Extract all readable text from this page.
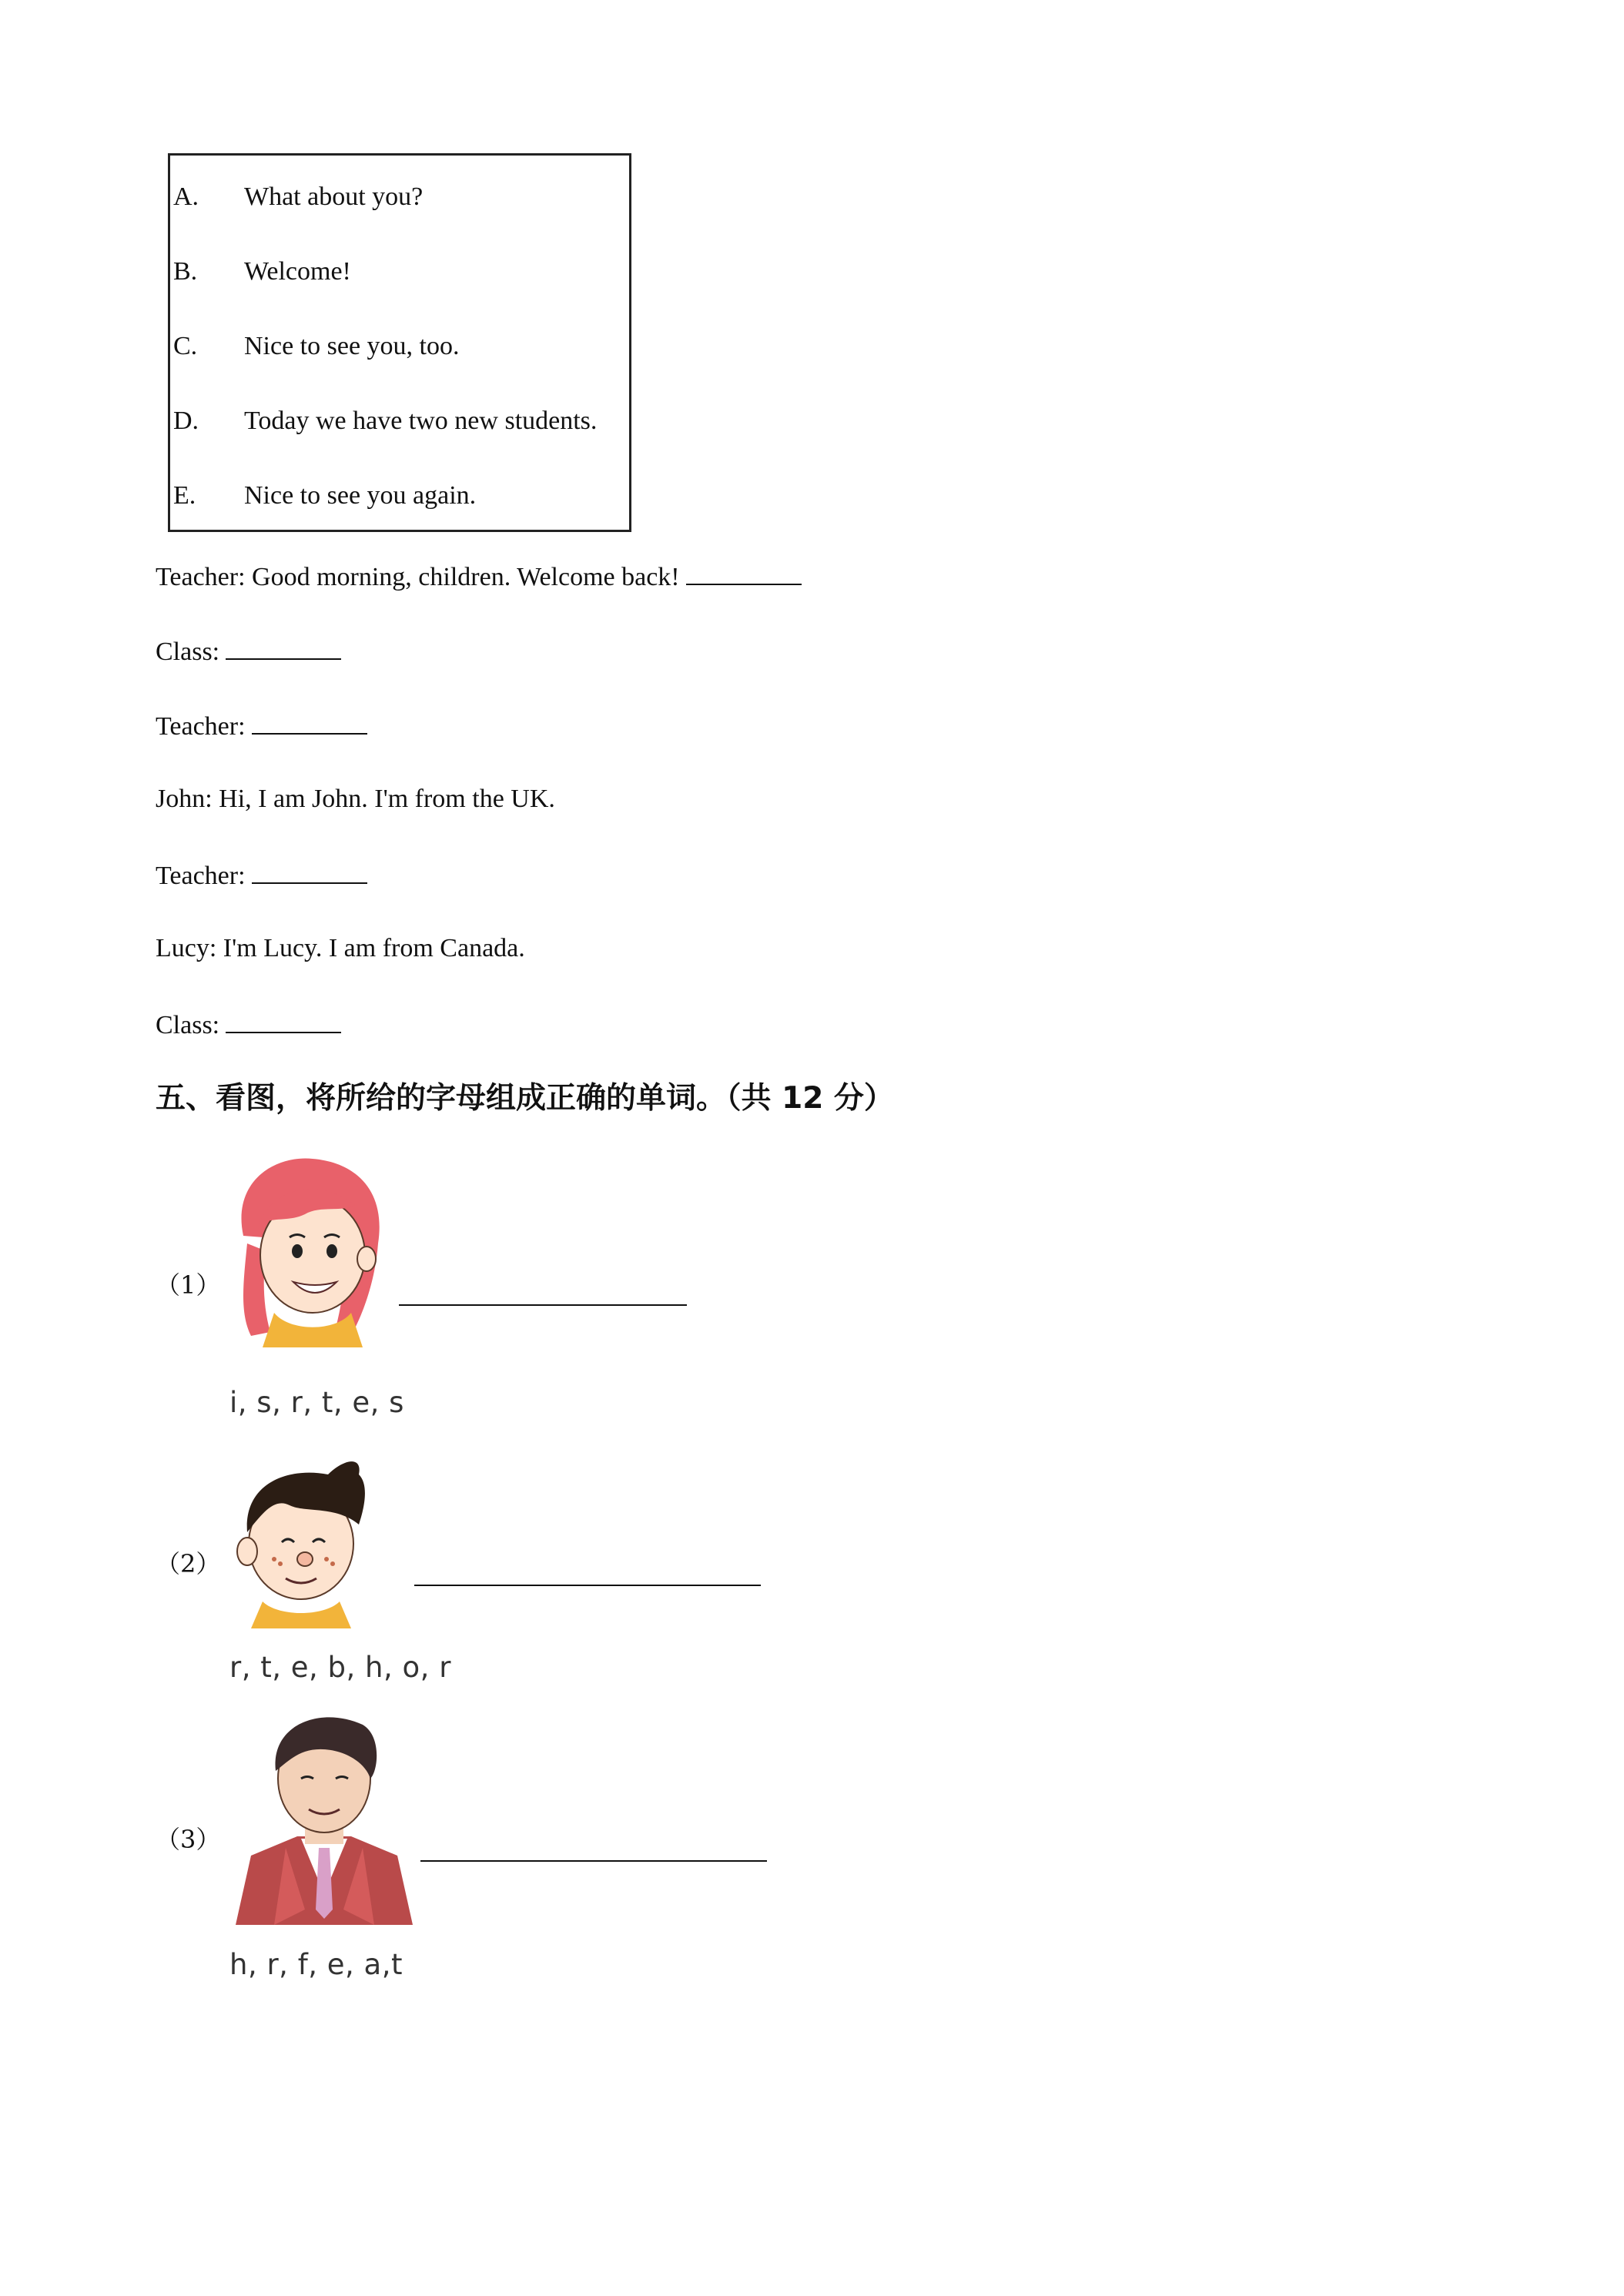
A. What about you?
B. Welcome!
C. Nice to see you, too.
D. Today we have two new students.
E. Nice to see you again.
Teacher: Good morning, children. Welcome back!
Class:
Teacher:
John: Hi, I am John. I'm from the UK.
Teacher:
Lucy: I'm Lucy. I am from Canada.
Class:
五、看图，将所给的字母组成正确的单词。（共 12 分）
（1）
i, s, r, t, e, s
（2）
r, t, e, b, h, o, r
（3）
h, r, f, e, a,t
